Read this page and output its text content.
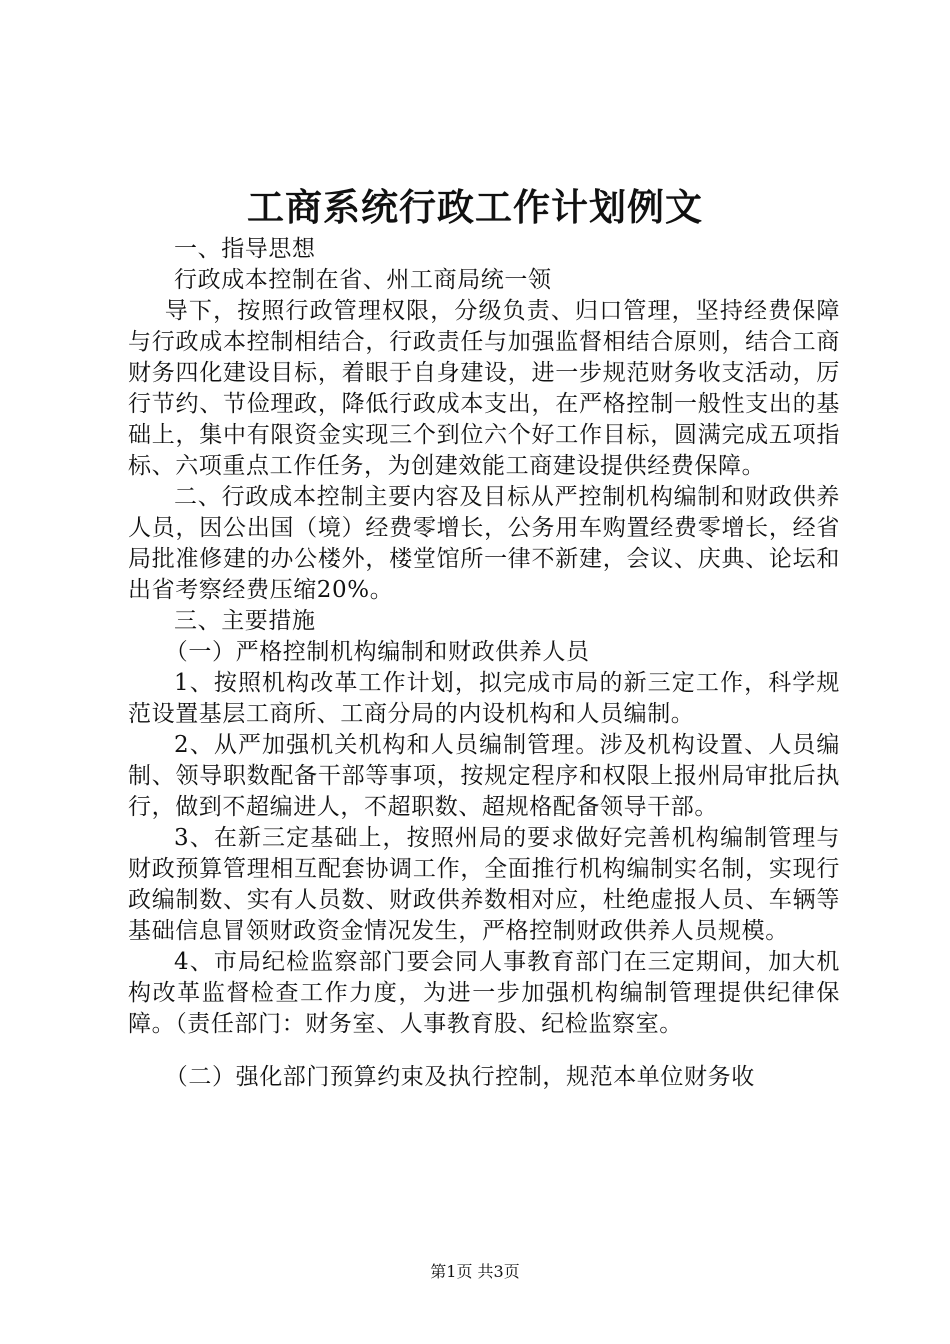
工商系统行政工作计划例文

一、指导思想

行政成本控制在省、州工商局统一领

导下，按照行政管理权限，分级负责、归口管理，坚持经费保障与行政成本控制相结合，行政责任与加强监督相结合原则，结合工商财务四化建设目标，着眼于自身建设，进一步规范财务收支活动，厉行节约、节俭理政，降低行政成本支出，在严格控制一般性支出的基础上，集中有限资金实现三个到位六个好工作目标，圆满完成五项指标、六项重点工作任务，为创建效能工商建设提供经费保障。

二、行政成本控制主要内容及目标从严控制机构编制和财政供养人员，因公出国（境）经费零增长，公务用车购置经费零增长，经省局批准修建的办公楼外，楼堂馆所一律不新建，会议、庆典、论坛和出省考察经费压缩20%。

三、主要措施

（一）严格控制机构编制和财政供养人员

1、按照机构改革工作计划，拟完成市局的新三定工作，科学规范设置基层工商所、工商分局的内设机构和人员编制。

2、从严加强机关机构和人员编制管理。涉及机构设置、人员编制、领导职数配备干部等事项，按规定程序和权限上报州局审批后执行，做到不超编进人，不超职数、超规格配备领导干部。

3、在新三定基础上，按照州局的要求做好完善机构编制管理与财政预算管理相互配套协调工作，全面推行机构编制实名制，实现行政编制数、实有人员数、财政供养数相对应，杜绝虚报人员、车辆等基础信息冒领财政资金情况发生，严格控制财政供养人员规模。

4、市局纪检监察部门要会同人事教育部门在三定期间，加大机构改革监督检查工作力度，为进一步加强机构编制管理提供纪律保障。（责任部门：财务室、人事教育股、纪检监察室。

（二）强化部门预算约束及执行控制，规范本单位财务收

第1页 共3页
